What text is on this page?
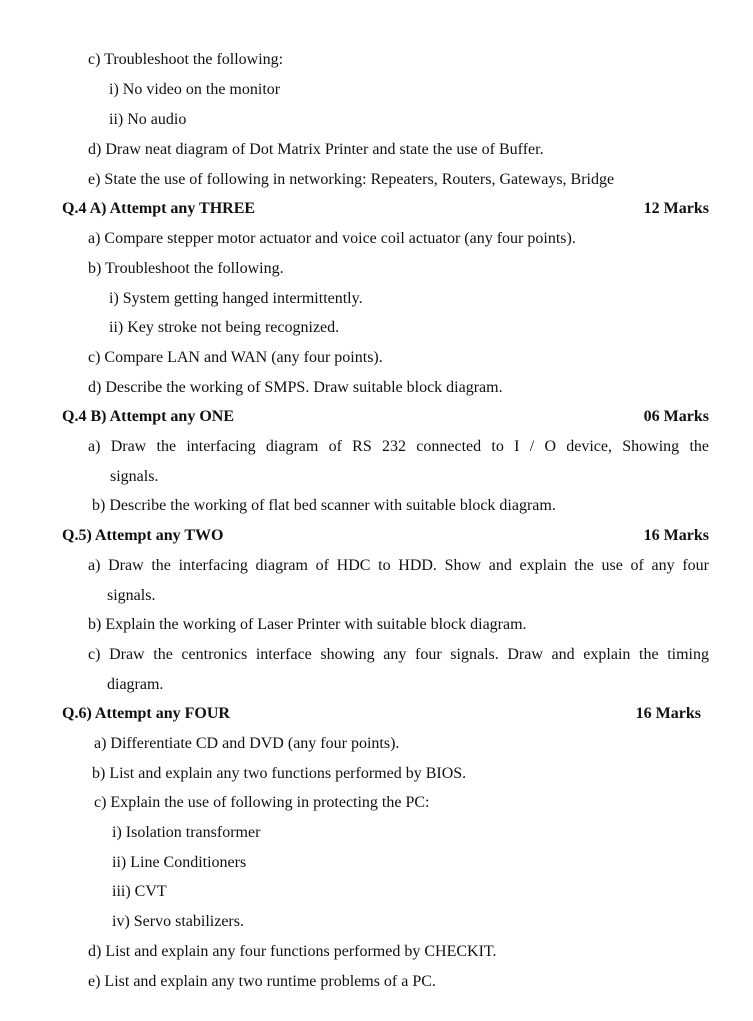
c) Troubleshoot the following:
i) No video on the monitor
ii) No audio
d) Draw neat diagram of Dot Matrix Printer and state the use of Buffer.
e) State the use of following in networking: Repeaters, Routers, Gateways, Bridge
Q.4 A) Attempt any THREE	12 Marks
a) Compare stepper motor actuator and voice coil actuator (any four points).
b) Troubleshoot the following.
i) System getting hanged intermittently.
ii) Key stroke not being recognized.
c) Compare LAN and WAN (any four points).
d) Describe the working of SMPS. Draw suitable block diagram.
Q.4 B) Attempt any ONE	06 Marks
a) Draw the interfacing diagram of RS 232 connected to I / O device, Showing the
signals.
b) Describe the working of flat bed scanner with suitable block diagram.
Q.5) Attempt any TWO	16 Marks
a) Draw the interfacing diagram of HDC to HDD. Show and explain the use of any four
signals.
b) Explain the working of Laser Printer with suitable block diagram.
c) Draw the centronics interface showing any four signals. Draw and explain the timing
diagram.
Q.6) Attempt any FOUR	16 Marks
a) Differentiate CD and DVD (any four points).
b) List and explain any two functions performed by BIOS.
c) Explain the use of following in protecting the PC:
i) Isolation transformer
ii) Line Conditioners
iii) CVT
iv) Servo stabilizers.
d) List and explain any four functions performed by CHECKIT.
e) List and explain any two runtime problems of a PC.
